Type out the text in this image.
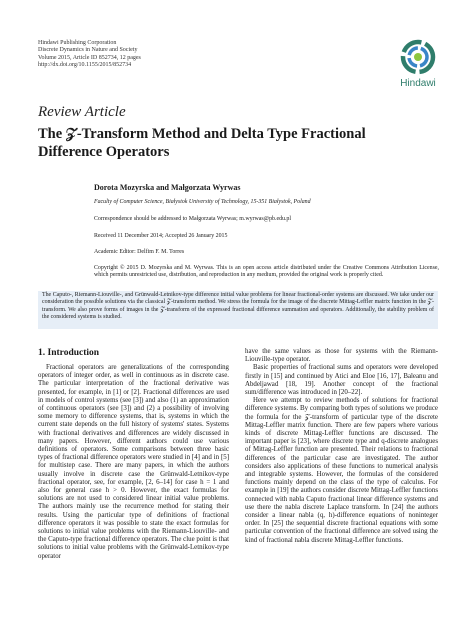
Hindawi Publishing Corporation
Discrete Dynamics in Nature and Society
Volume 2015, Article ID 852734, 12 pages
http://dx.doi.org/10.1155/2015/852734
Hindawi
Review Article
The 𝒵-Transform Method and Delta Type Fractional Difference Operators
Dorota Mozyrska and Małgorzata Wyrwas
Faculty of Computer Science, Białystok University of Technology, 15-351 Białystok, Poland
Correspondence should be addressed to Małgorzata Wyrwas; m.wyrwas@pb.edu.pl
Received 11 December 2014; Accepted 26 January 2015
Academic Editor: Delfim F. M. Torres
Copyright © 2015 D. Mozyrska and M. Wyrwas. This is an open access article distributed under the Creative Commons Attribution License, which permits unrestricted use, distribution, and reproduction in any medium, provided the original work is properly cited.
The Caputo-, Riemann-Liouville-, and Grünwald-Letnikov-type difference initial value problems for linear fractional-order systems are discussed. We take under our consideration the possible solutions via the classical 𝒵-transform method. We stress the formula for the image of the discrete Mittag-Leffler matrix function in the 𝒵-transform. We also prove forms of images in the 𝒵-transform of the expressed fractional difference summation and operators. Additionally, the stability problem of the considered systems is studied.
1. Introduction

Fractional operators are generalizations of the corresponding operators of integer order, as well in continuous as in discrete case. The particular interpretation of the fractional derivative was presented, for example, in [1] or [2]. Fractional differences are used in models of control systems (see [3]) and also (1) an approximation of continuous operators (see [3]) and (2) a possibility of involving some memory to difference systems, that is, systems in which the current state depends on the full history of systems' states. Systems with fractional derivatives and differences are widely discussed in many papers. However, different authors could use various definitions of operators. Some comparisons between three basic types of fractional difference operators were studied in [4] and in [5] for multistep case. There are many papers, in which the authors usually involve in discrete case the Grünwald-Letnikov-type fractional operator, see, for example, [2, 6–14] for case h = 1 and also for general case h > 0. However, the exact formulas for solutions are not used to considered linear initial value problems. The authors mainly use the recurrence method for stating their results. Using the particular type of definitions of fractional difference operators it was possible to state the exact formulas for solutions to initial value problems with the Riemann-Liouville- and the Caputo-type fractional difference operators. The clue point is that solutions to initial value problems with the Grünwald-Letnikov-type operator

have the same values as those for systems with the Riemann-Liouville-type operator.

Basic properties of fractional sums and operators were developed firstly in [15] and continued by Atici and Eloe [16, 17], Baleanu and Abdeljawad [18, 19]. Another concept of the fractional sum/difference was introduced in [20–22].

Here we attempt to review methods of solutions for fractional difference systems. By comparing both types of solutions we produce the formula for the 𝒵-transform of particular type of the discrete Mittag-Leffler matrix function. There are few papers where various kinds of discrete Mittag-Leffler functions are discussed. The important paper is [23], where discrete type and q-discrete analogues of Mittag-Leffler function are presented. Their relations to fractional differences of the particular case are investigated. The author considers also applications of these functions to numerical analysis and integrable systems. However, the formulas of the considered functions mainly depend on the class of the type of calculus. For example in [19] the authors consider discrete Mittag-Leffler functions connected with nabla Caputo fractional linear difference systems and use there the nabla discrete Laplace transform. In [24] the authors consider a linear nabla (q, h)-difference equations of noninteger order. In [25] the sequential discrete fractional equations with some particular convention of the fractional difference are solved using the kind of fractional nabla discrete Mittag-Leffler functions.
